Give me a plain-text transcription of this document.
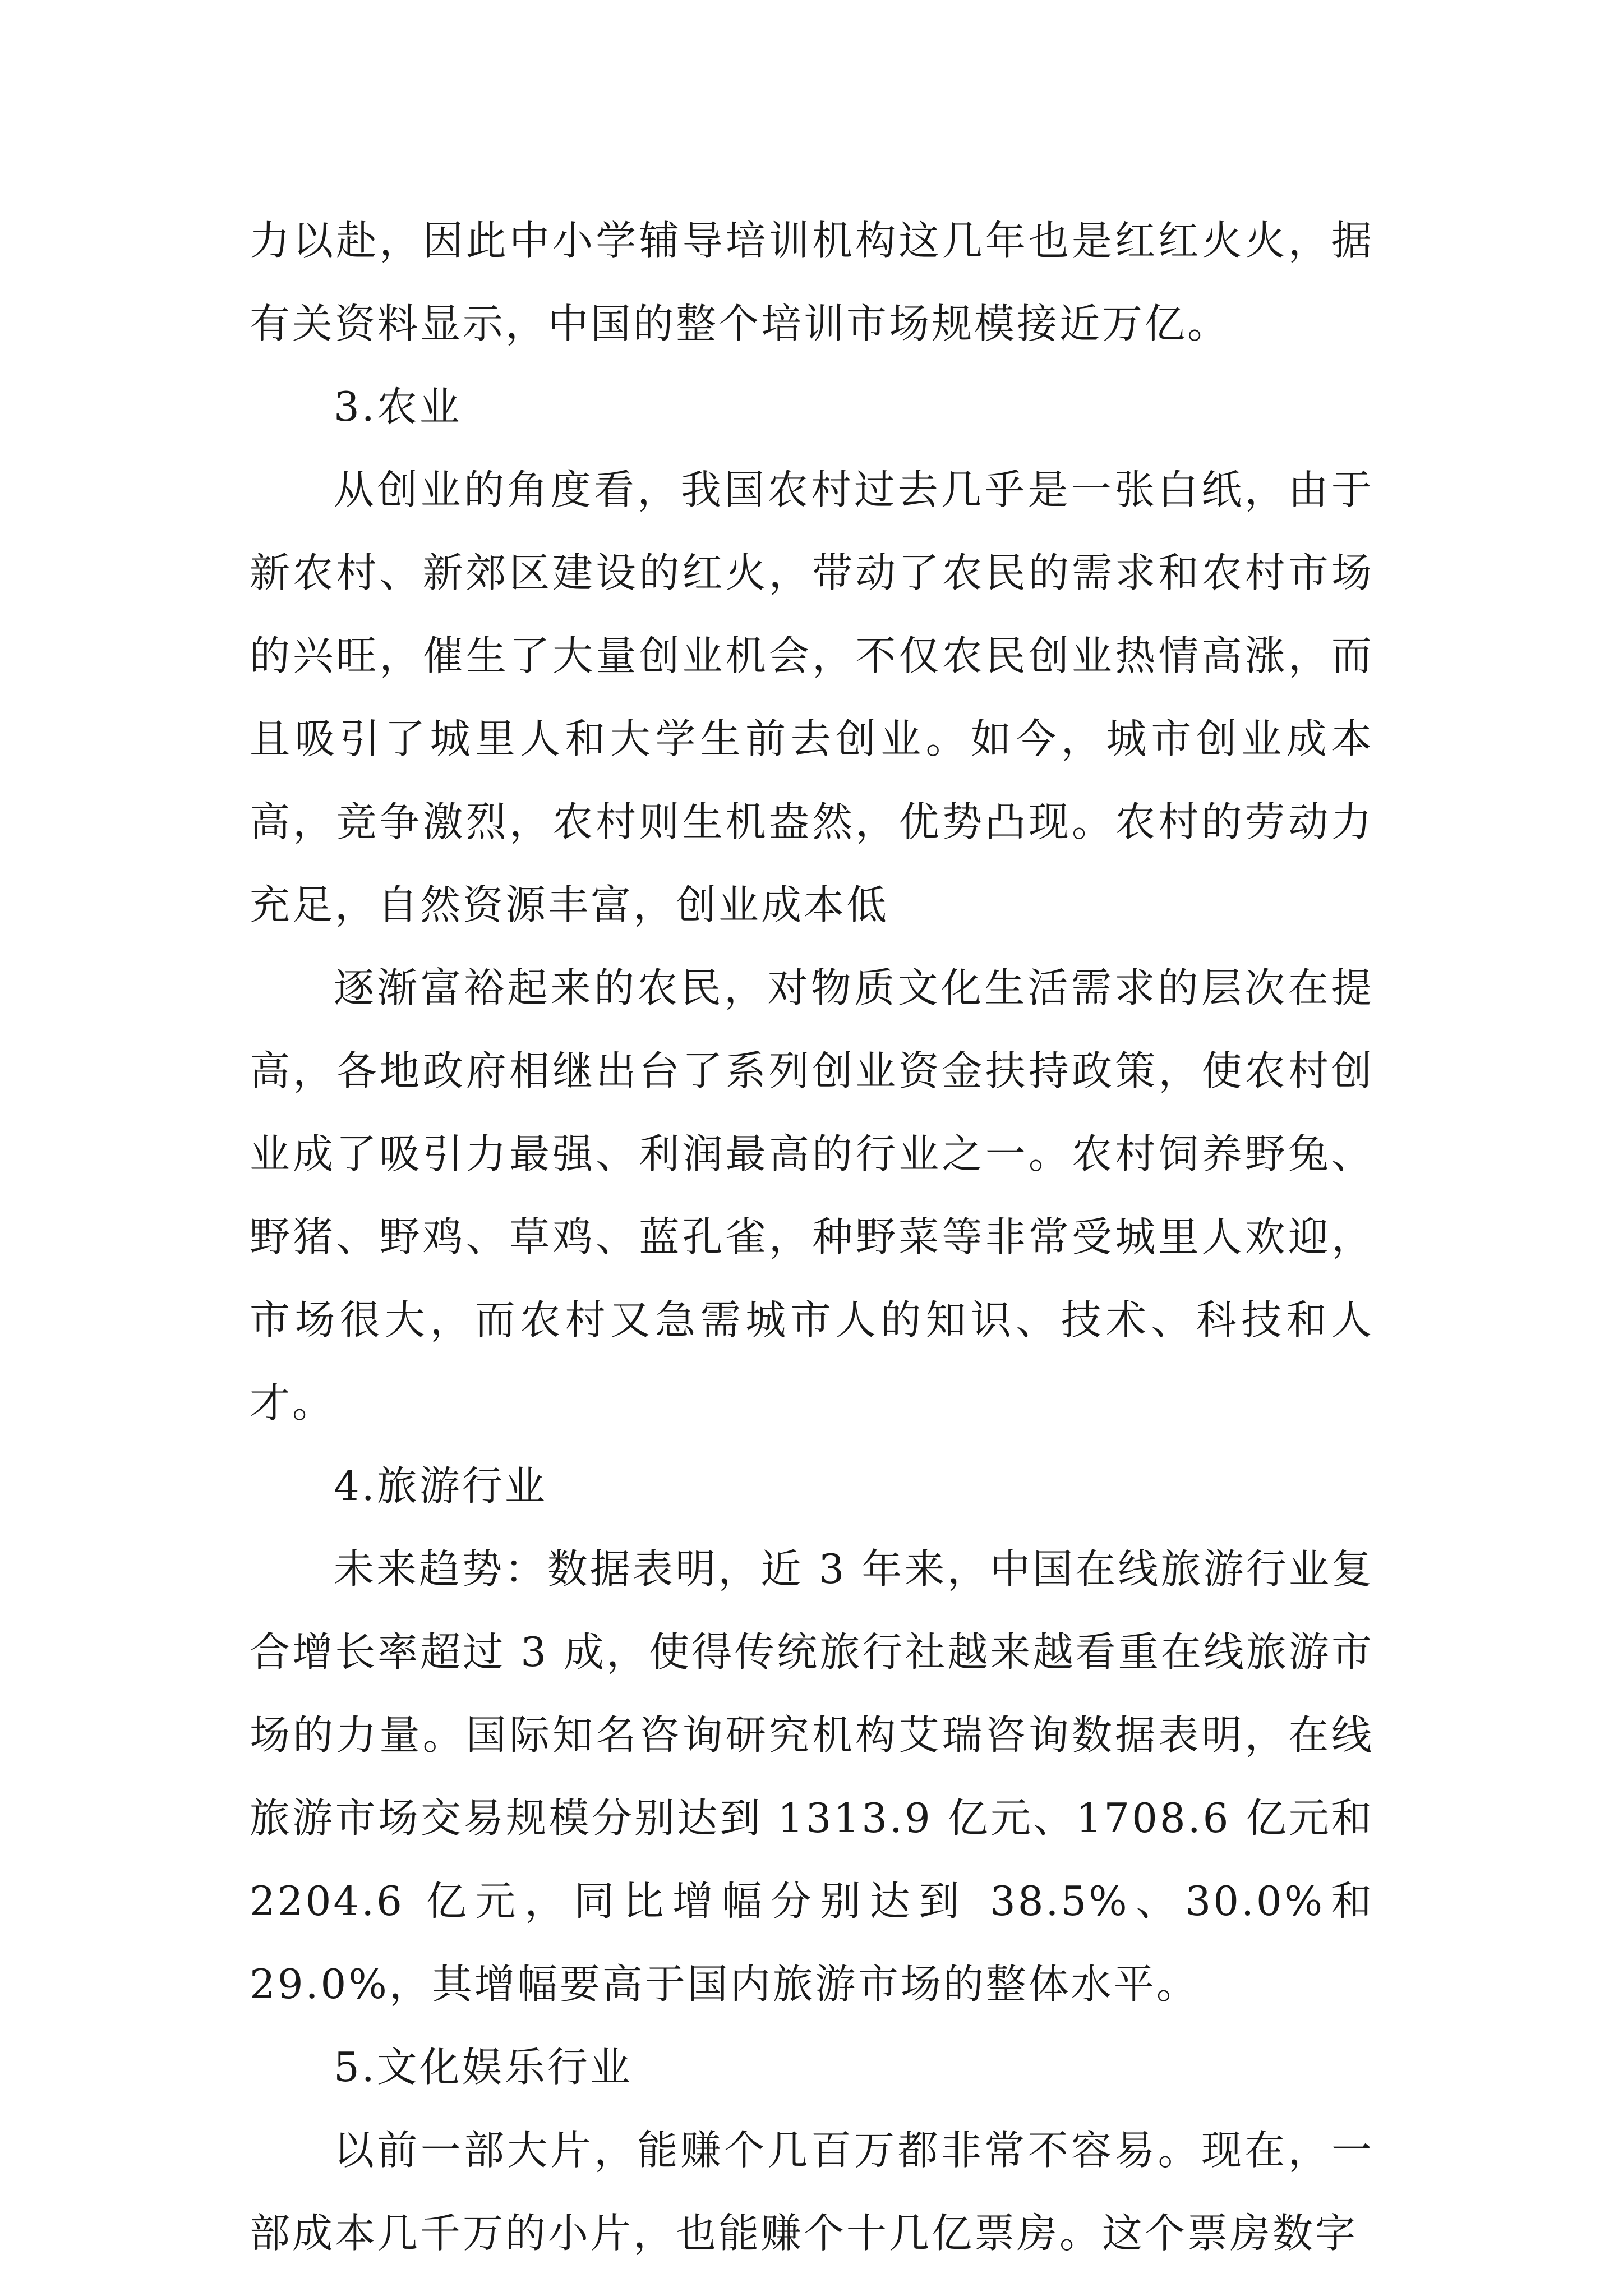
力以赴，因此中小学辅导培训机构这几年也是红红火火，据有关资料显示，中国的整个培训市场规模接近万亿。

3.农业

从创业的角度看，我国农村过去几乎是一张白纸，由于新农村、新郊区建设的红火，带动了农民的需求和农村市场的兴旺，催生了大量创业机会，不仅农民创业热情高涨，而且吸引了城里人和大学生前去创业。如今，城市创业成本高，竞争激烈，农村则生机盎然，优势凸现。农村的劳动力充足，自然资源丰富，创业成本低

逐渐富裕起来的农民，对物质文化生活需求的层次在提高，各地政府相继出台了系列创业资金扶持政策，使农村创业成了吸引力最强、利润最高的行业之一。农村饲养野兔、野猪、野鸡、草鸡、蓝孔雀，种野菜等非常受城里人欢迎，市场很大，而农村又急需城市人的知识、技术、科技和人才。

4.旅游行业

未来趋势：数据表明，近 3 年来，中国在线旅游行业复合增长率超过 3 成，使得传统旅行社越来越看重在线旅游市场的力量。国际知名咨询研究机构艾瑞咨询数据表明，在线旅游市场交易规模分别达到 1313.9 亿元、1708.6 亿元和 2204.6 亿元，同比增幅分别达到 38.5%、30.0%和 29.0%，其增幅要高于国内旅游市场的整体水平。

5.文化娱乐行业

以前一部大片，能赚个几百万都非常不容易。现在，一部成本几千万的小片，也能赚个十几亿票房。这个票房数字
